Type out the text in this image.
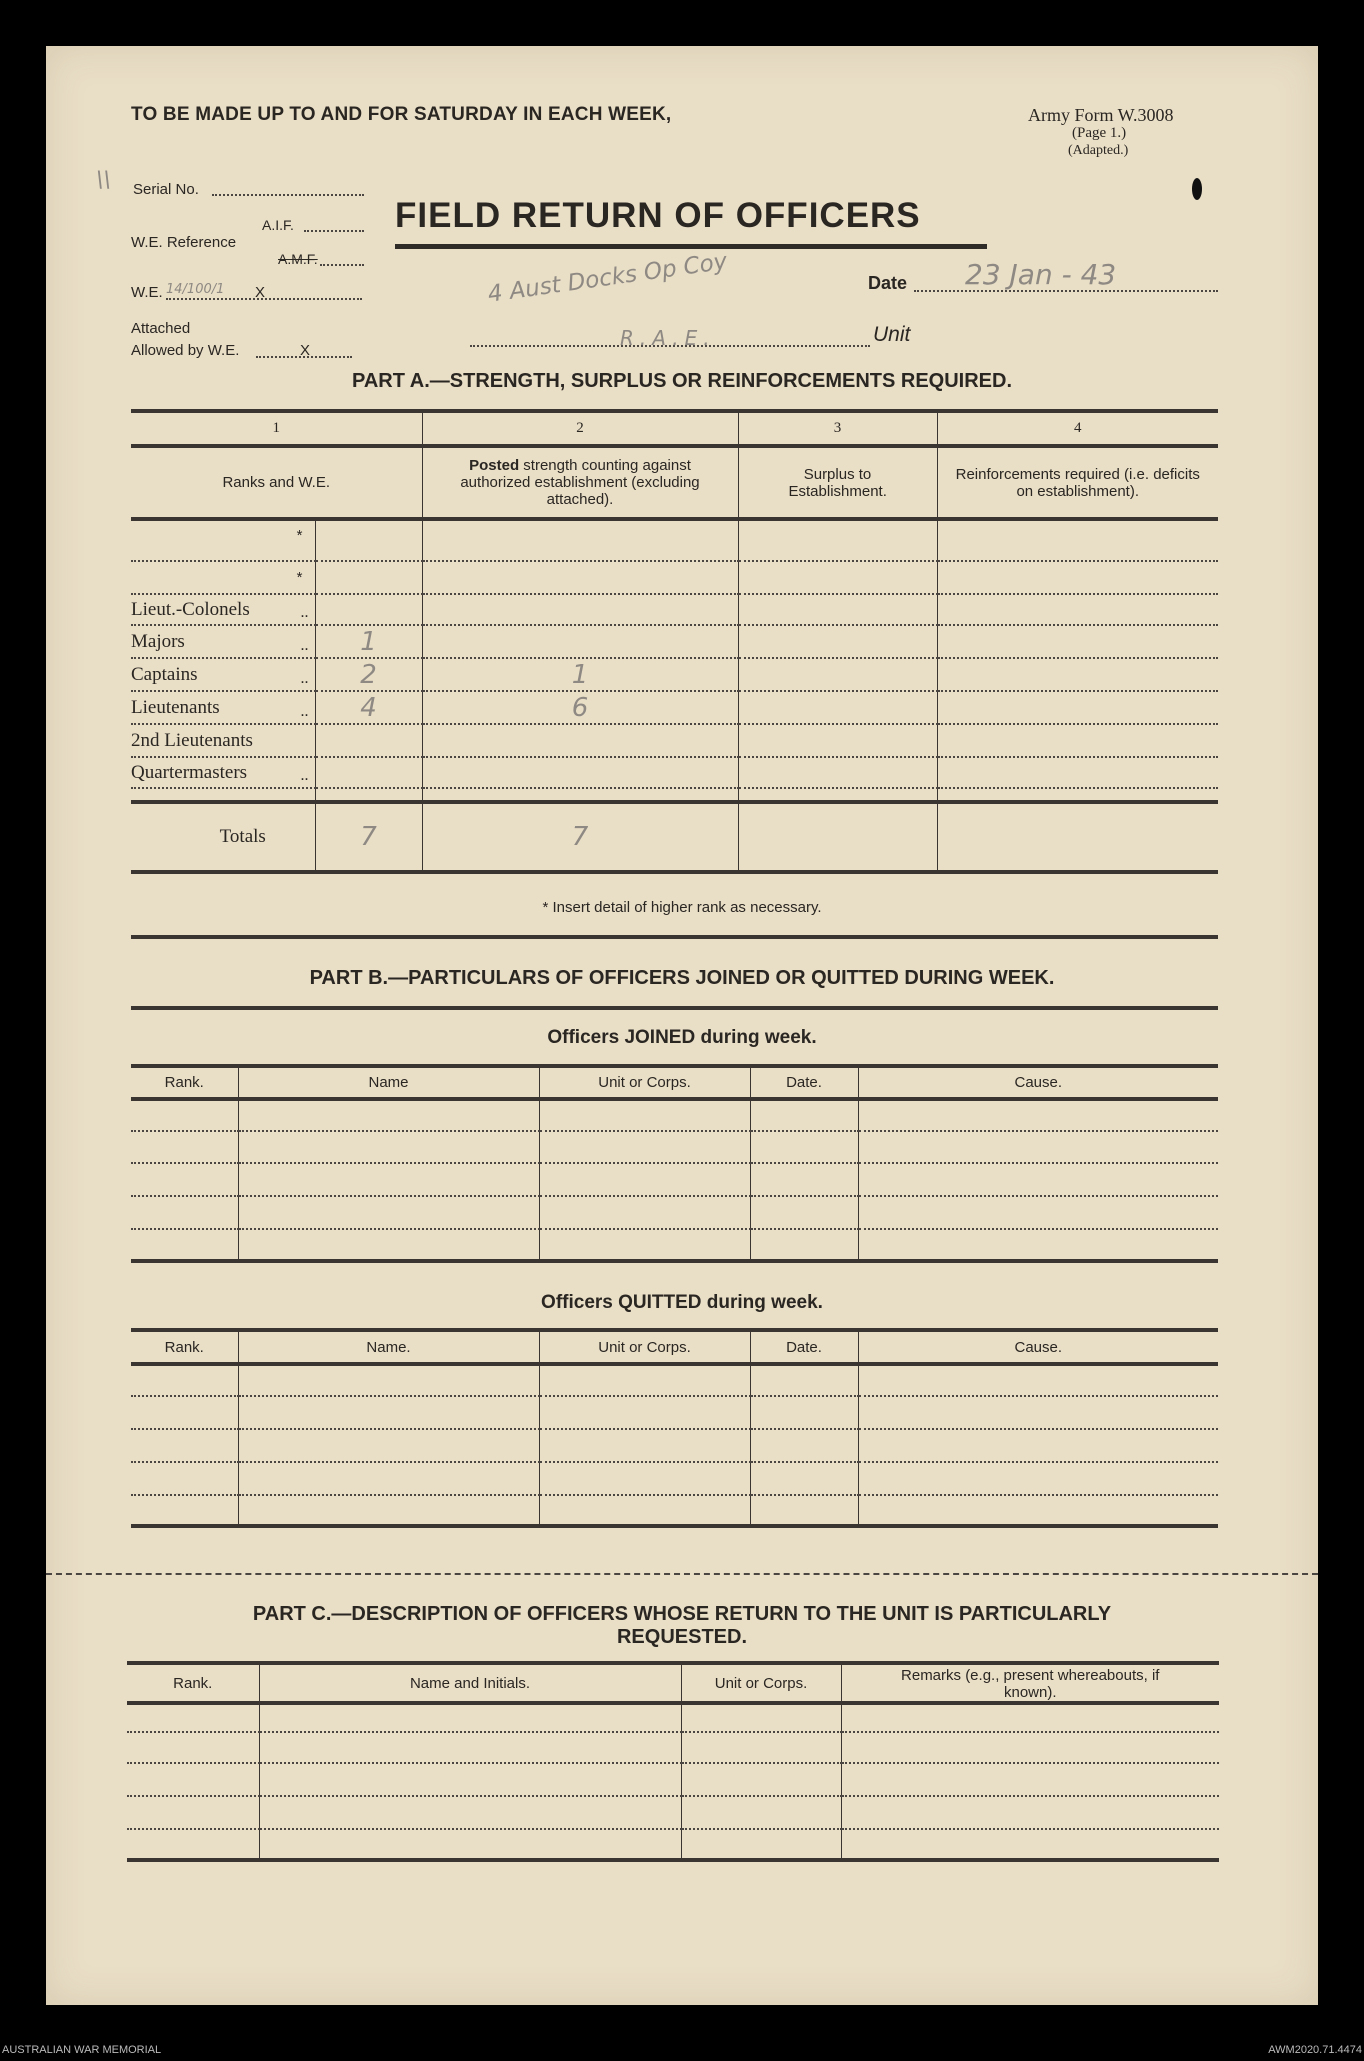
TO BE MADE UP TO AND FOR SATURDAY IN EACH WEEK,	Army Form W.3008
(Page 1.)
(Adapted.)
FIELD RETURN OF OFFICERS
\\ Serial No.
A.I.F.
W.E. Reference
A.M.F.
W.E. 14/100/1 X
Attached
Allowed by W.E.	X
Date 23 Jan - 43
4 Aust Docks Op Coy
R.A.E.	Unit
PART A.—STRENGTH, SURPLUS OR REINFORCEMENTS REQUIRED.
1		2	3	4
Ranks and W.E.		Posted strength counting against authorized establishment (excluding attached).	Surplus to Establishment.	Reinforcements required (i.e. deficits on establishment).
*				
*				
Lieut.-Colonels ..				

Majors ..	1			
Captains ..	2	1		
Lieutenants ..	4	6		
2nd Lieutenants				
Quartermasters ..				

Totals	7	7		
* Insert detail of higher rank as necessary.
PART B.—PARTICULARS OF OFFICERS JOINED OR QUITTED DURING WEEK.
Officers JOINED during week.
Rank.	Name	Unit or Corps.	Date.	Cause.

Officers QUITTED during week.
Rank.	Name.	Unit or Corps.	Date.	Cause.

PART C.—DESCRIPTION OF OFFICERS WHOSE RETURN TO THE UNIT IS PARTICULARLY
REQUESTED.
Rank.	Name and Initials.	Unit or Corps.	Remarks (e.g., present whereabouts, if known).

AUSTRALIAN WAR MEMORIAL	AWM2020.71.4474
